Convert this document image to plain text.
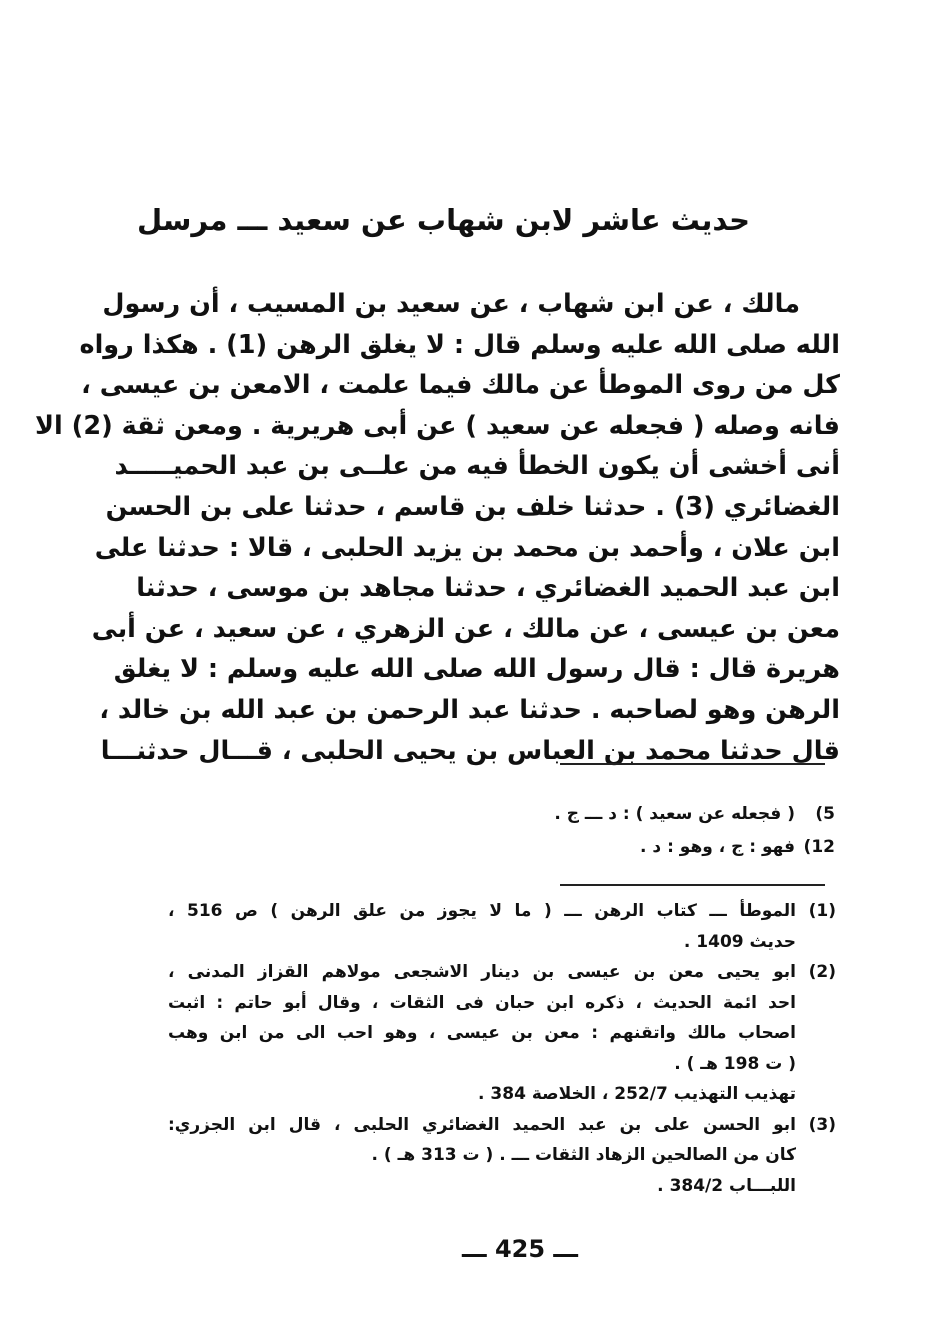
حديث عاشر لابن شهاب عن سعيد ـــ مرسل
مالك ، عن ابن شهاب ، عن سعيد بن المسيب ، أن رسول
الله صلى الله عليه وسلم قال : لا يغلق الرهن (1) . هكذا رواه
كل من روى الموطأ عن مالك فيما علمت ، الامعن بن عيسى ،
فانه وصله ( فجعله عن سعيد ) عن أبى هريرية . ومعن ثقة (2) الا
أنى أخشى أن يكون الخطأ فيه من علــى بن عبد الحميـــــد
الغضائري (3) . حدثنا خلف بن قاسم ، حدثنا على بن الحسن
ابن علان ، وأحمد بن محمد بن يزيد الحلبى ، قالا : حدثنا على
ابن عبد الحميد الغضائري ، حدثنا مجاهد بن موسى ، حدثنا
معن بن عيسى ، عن مالك ، عن الزهري ، عن سعيد ، عن أبى
هريرة قال : قال رسول الله صلى الله عليه وسلم : لا يغلق
الرهن وهو لصاحبه . حدثنا عبد الرحمن بن عبد الله بن خالد ،
قال حدثنا محمد بن العباس بن يحيى الحلبى ، قـــال حدثنـــا
5)
( فجعله عن سعيد ) : د ـــ ج .
12)
فهو : ج ، وهو : د .
(1)
الموطأ ـــ كتاب الرهن ـــ ( ما لا يجوز من علق الرهن ) ص 516 ،
حديث 1409 .
(2)
ابو يحيى معن بن عيسى بن دينار الاشجعى مولاهم القزاز المدنى ،
احد ائمة الحديث ، ذكره ابن حبان فى الثقات ، وقال أبو حاتم : اثبت
اصحاب مالك واتقنهم : معن بن عيسى ، وهو احب الى من ابن وهب
( ت 198 هـ ) .
تهذيب التهذيب 252/7 ، الخلاصة 384 .
(3)
ابو الحسن على بن عبد الحميد الغضائري الحلبى ، قال ابن الجزري:
كان من الصالحين الزهاد الثقات ـــ . ( ت 313 هـ ) .
اللبـــاب 384/2 .
ـــ 425 ـــ
